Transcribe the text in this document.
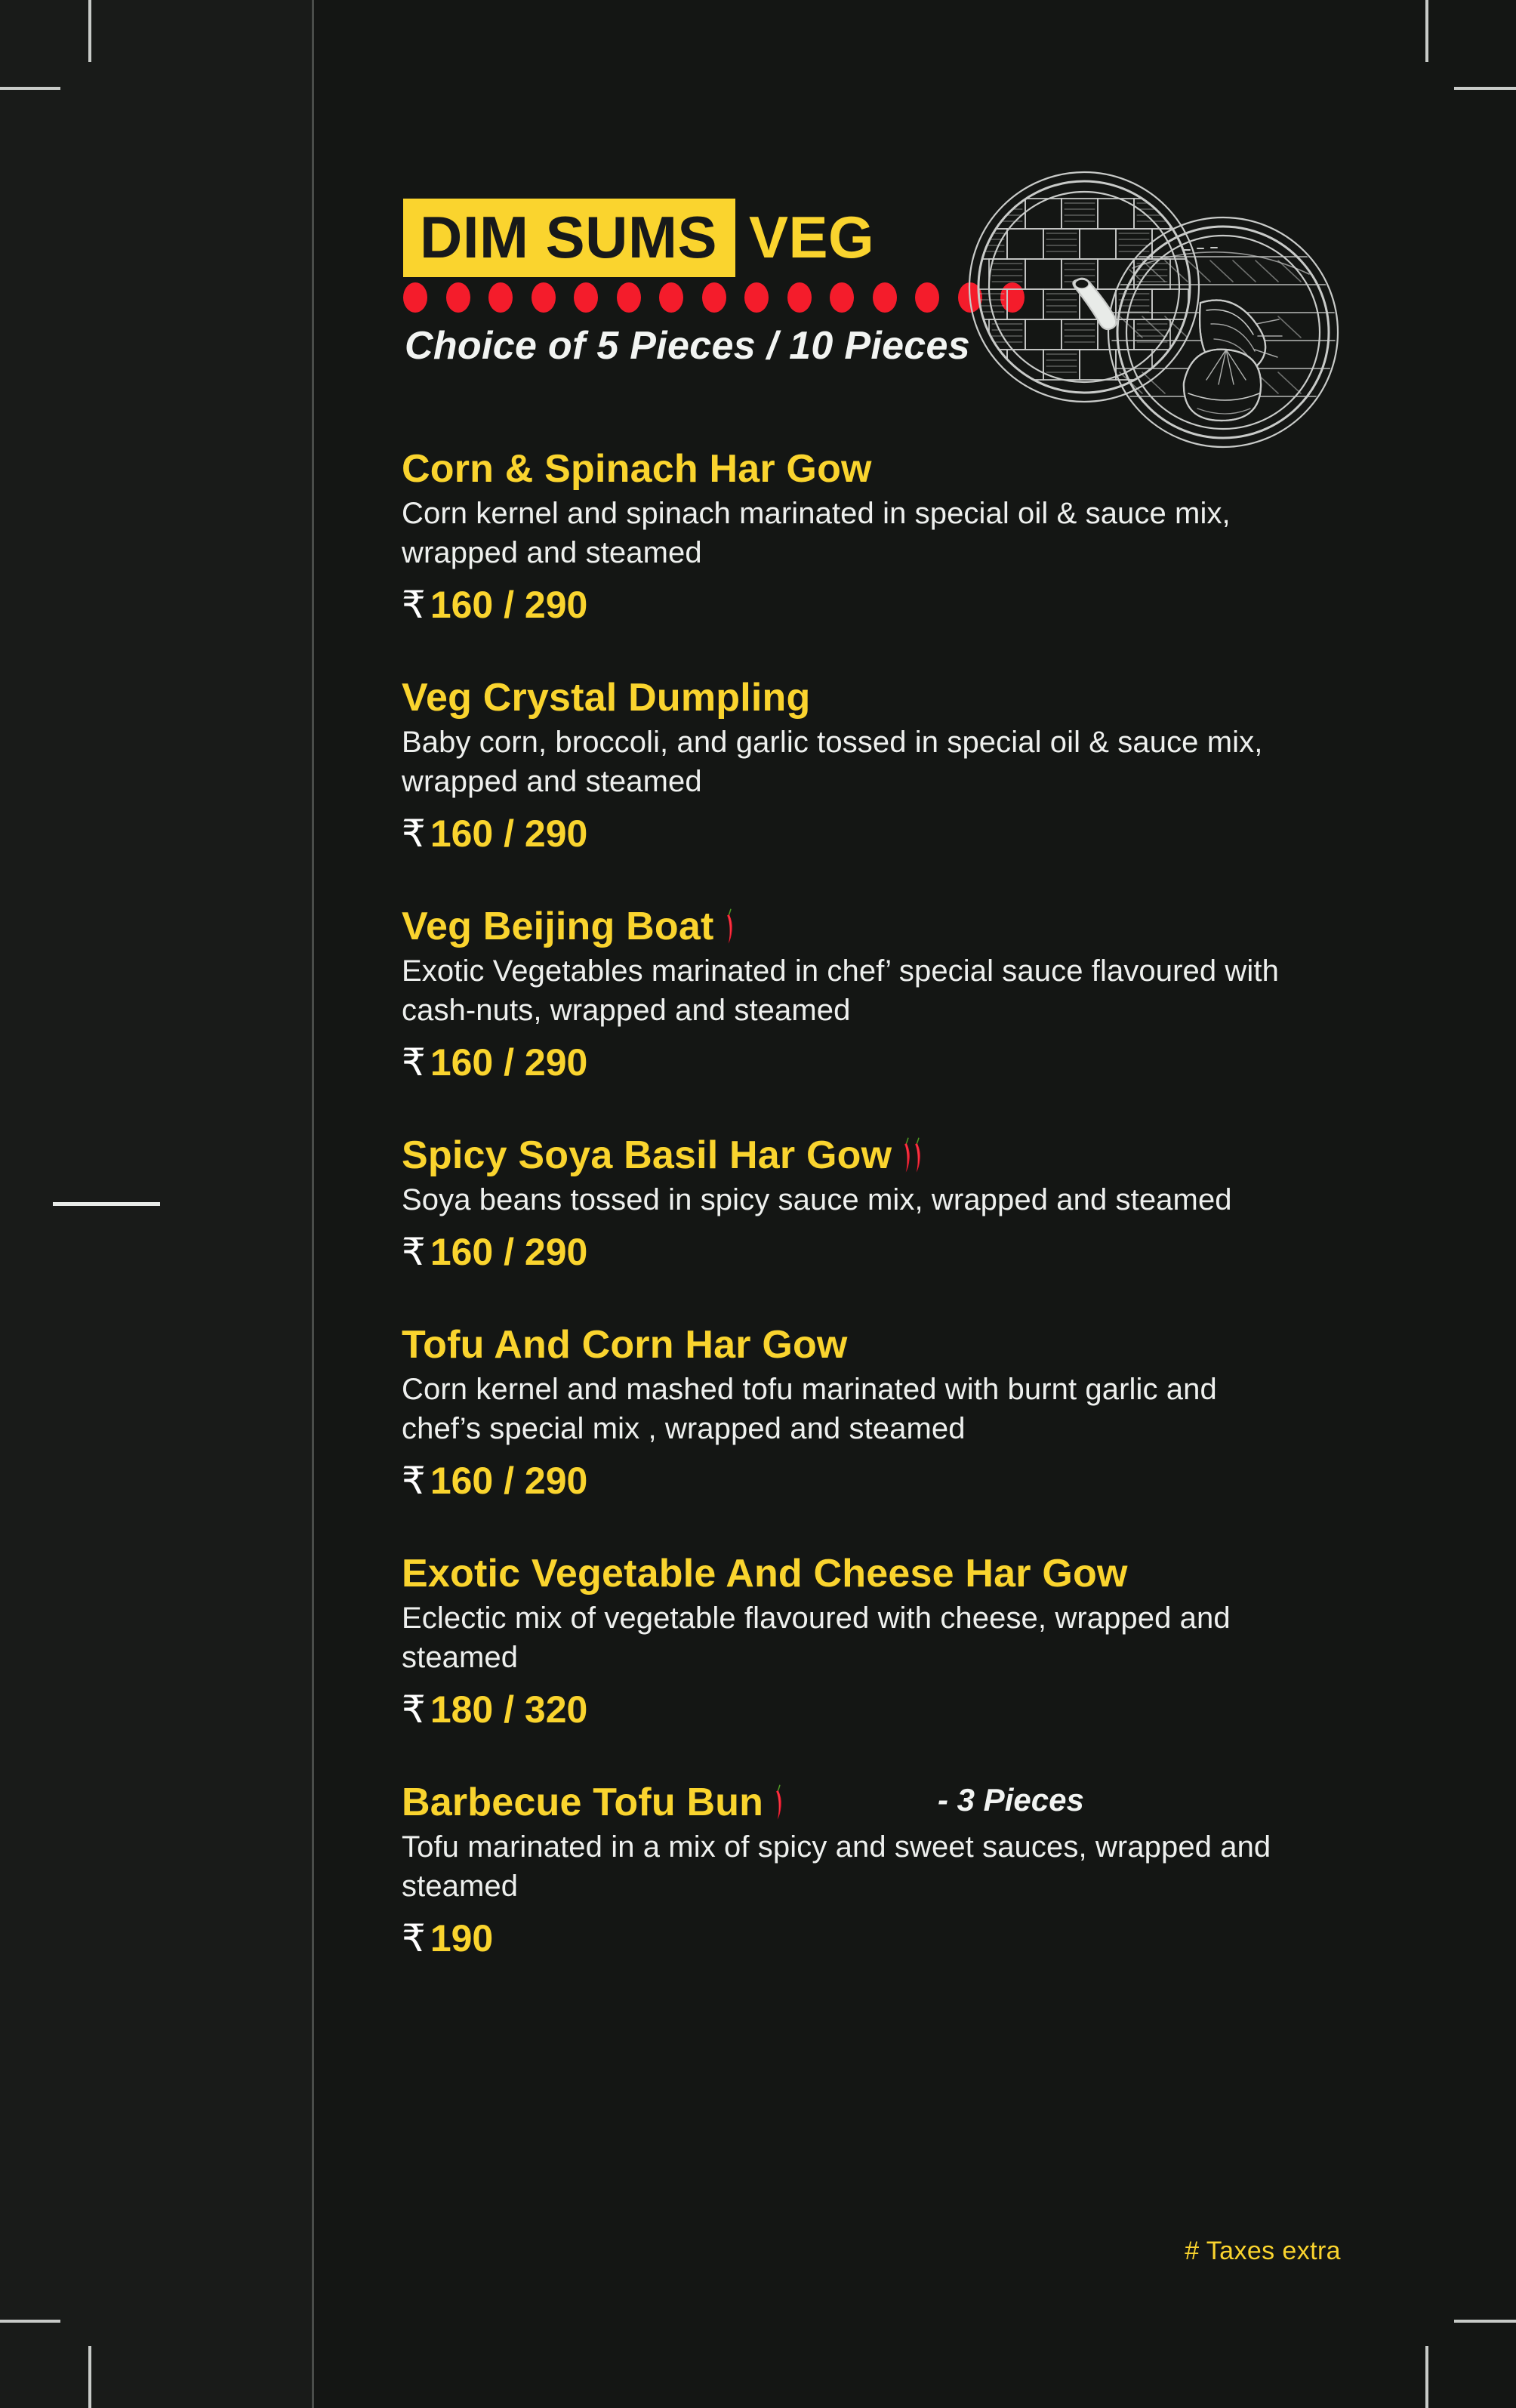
DIM SUMS VEG
Choice of 5 Pieces / 10 Pieces
Corn & Spinach Har Gow
Corn kernel and spinach marinated in special oil & sauce mix, wrapped and steamed
₹ 160 / 290
Veg Crystal Dumpling
Baby corn, broccoli, and garlic tossed in special oil & sauce mix, wrapped and steamed
₹ 160 / 290
Veg Beijing Boat
Exotic Vegetables marinated in chef’ special sauce flavoured with cash-nuts, wrapped and steamed
₹ 160 / 290
Spicy Soya Basil Har Gow
Soya beans tossed in spicy sauce mix, wrapped and steamed
₹ 160 / 290
Tofu And Corn Har Gow
Corn kernel and mashed tofu marinated with burnt garlic and chef’s special mix , wrapped and steamed
₹ 160 / 290
Exotic Vegetable And Cheese Har Gow
Eclectic mix of vegetable flavoured with cheese, wrapped and steamed
₹ 180 / 320
Barbecue Tofu Bun	- 3 Pieces
Tofu marinated in a mix of spicy and sweet sauces, wrapped and steamed
₹ 190
# Taxes extra
